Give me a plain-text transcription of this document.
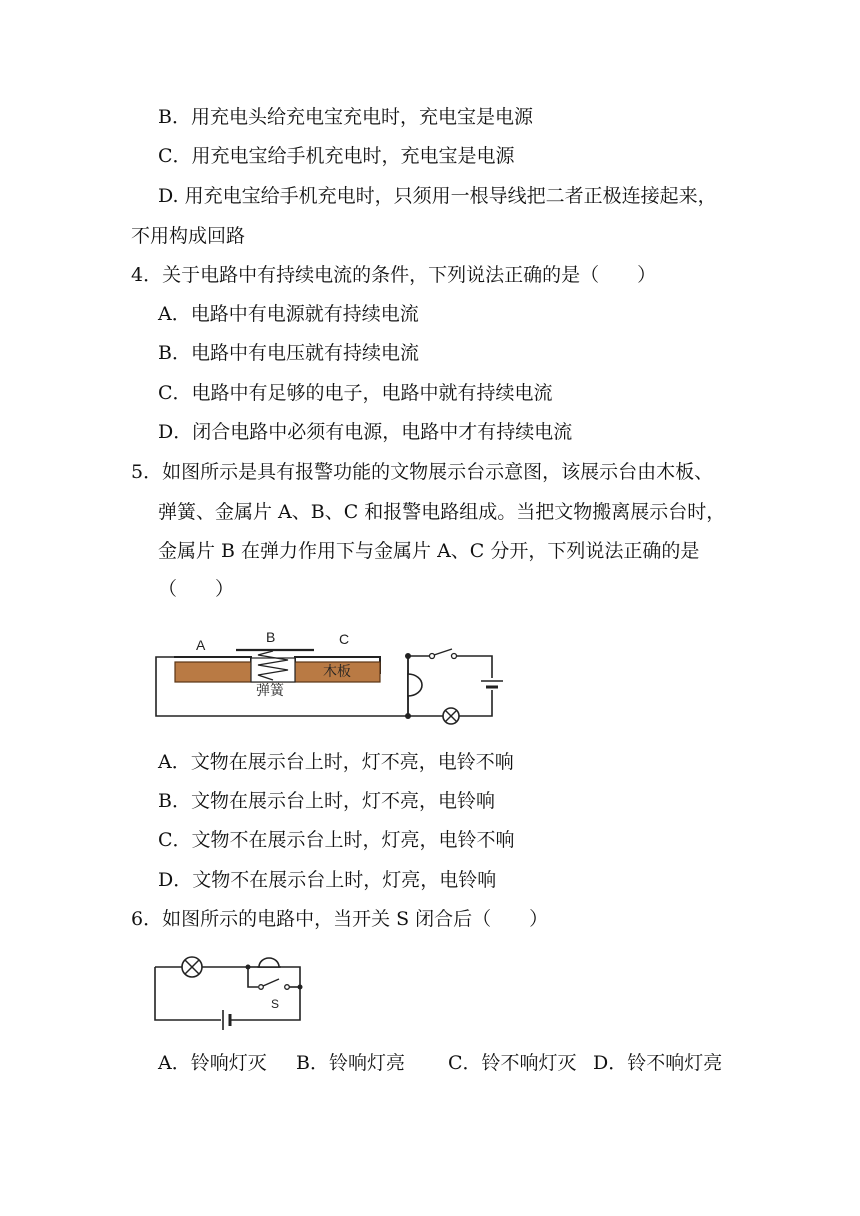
B．用充电头给充电宝充电时，充电宝是电源
C．用充电宝给手机充电时，充电宝是电源
D. 用充电宝给手机充电时，只须用一根导线把二者正极连接起来，
不用构成回路
4．关于电路中有持续电流的条件，下列说法正确的是（　　）
A．电路中有电源就有持续电流
B．电路中有电压就有持续电流
C．电路中有足够的电子，电路中就有持续电流
D．闭合电路中必须有电源，电路中才有持续电流
5．如图所示是具有报警功能的文物展示台示意图，该展示台由木板、
弹簧、金属片 A、B、C 和报警电路组成。当把文物搬离展示台时，
金属片 B 在弹力作用下与金属片 A、C 分开，下列说法正确的是
（　　）
A	B	C
木板
弹簧
A．文物在展示台上时，灯不亮，电铃不响
B．文物在展示台上时，灯不亮，电铃响
C．文物不在展示台上时，灯亮，电铃不响
D．文物不在展示台上时，灯亮，电铃响
6．如图所示的电路中，当开关 S 闭合后（　　）
S
A．铃响灯灭 B．铃响灯亮 C．铃不响灯灭 D．铃不响灯亮
